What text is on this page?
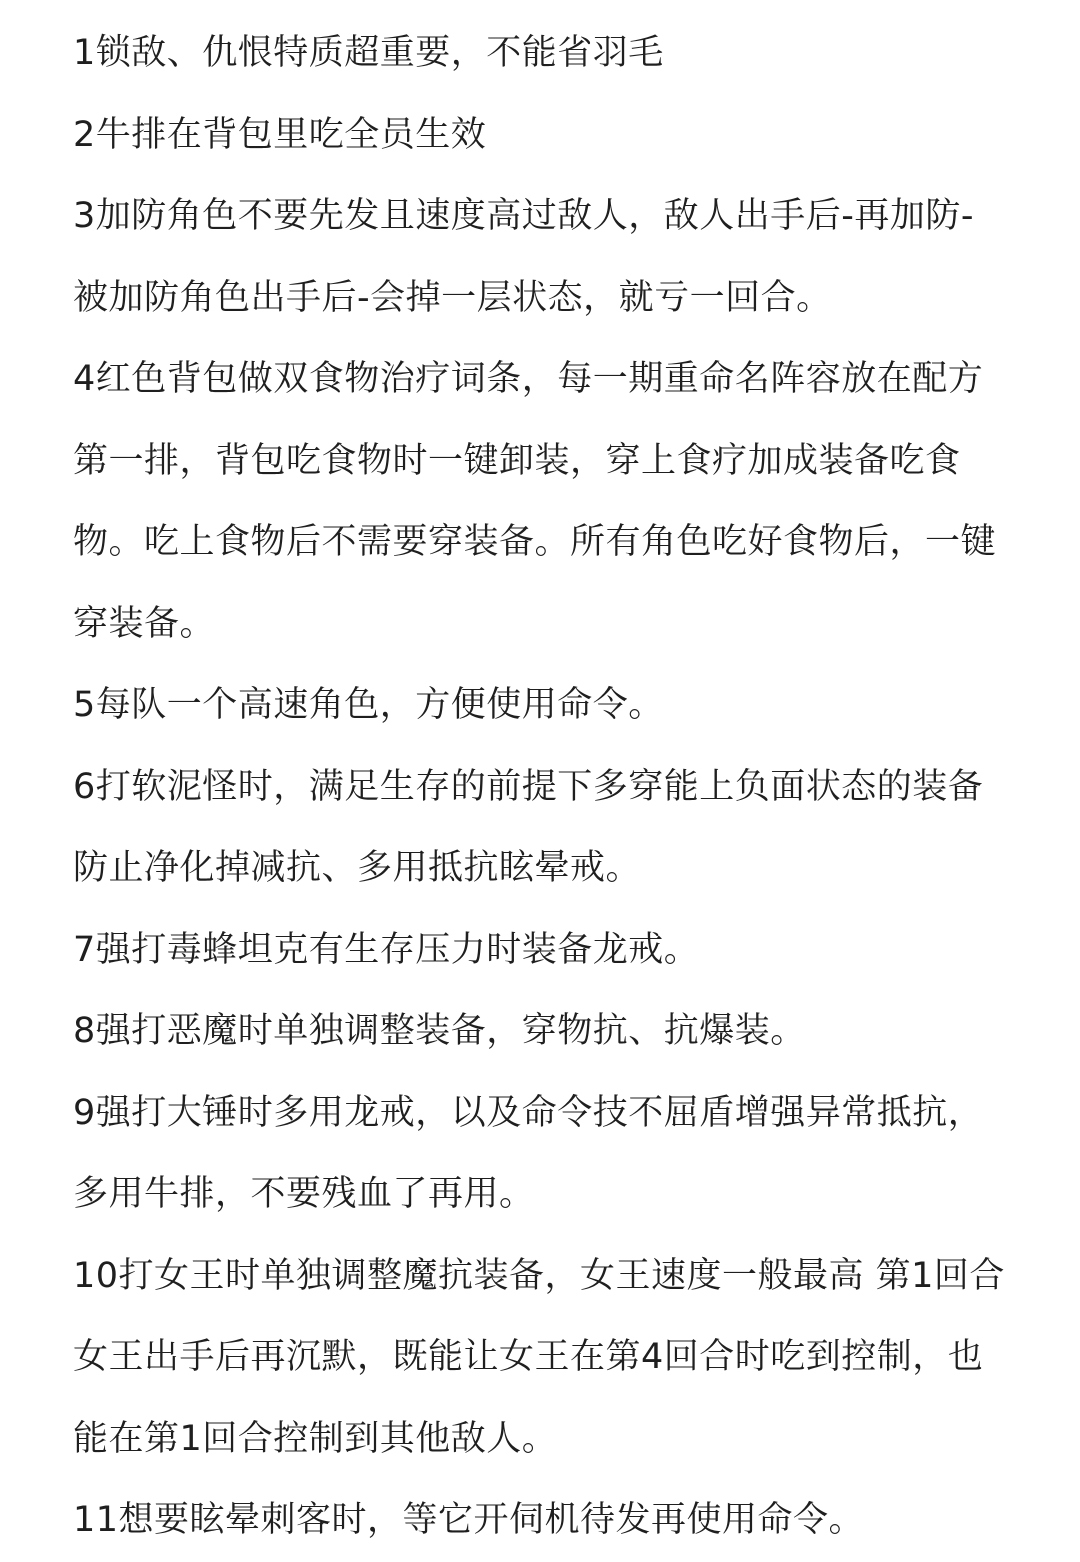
1锁敌、仇恨特质超重要，不能省羽毛
2牛排在背包里吃全员生效
3加防角色不要先发且速度高过敌人，敌人出手后-再加防-
被加防角色出手后-会掉一层状态，就亏一回合。
4红色背包做双食物治疗词条，每一期重命名阵容放在配方
第一排，背包吃食物时一键卸装，穿上食疗加成装备吃食
物。吃上食物后不需要穿装备。所有角色吃好食物后，一键
穿装备。
5每队一个高速角色，方便使用命令。
6打软泥怪时，满足生存的前提下多穿能上负面状态的装备
防止净化掉减抗、多用抵抗眩晕戒。
7强打毒蜂坦克有生存压力时装备龙戒。
8强打恶魔时单独调整装备，穿物抗、抗爆装。
9强打大锤时多用龙戒，以及命令技不屈盾增强异常抵抗，
多用牛排，不要残血了再用。
10打女王时单独调整魔抗装备，女王速度一般最高 第1回合
女王出手后再沉默，既能让女王在第4回合时吃到控制，也
能在第1回合控制到其他敌人。
11想要眩晕刺客时，等它开伺机待发再使用命令。
